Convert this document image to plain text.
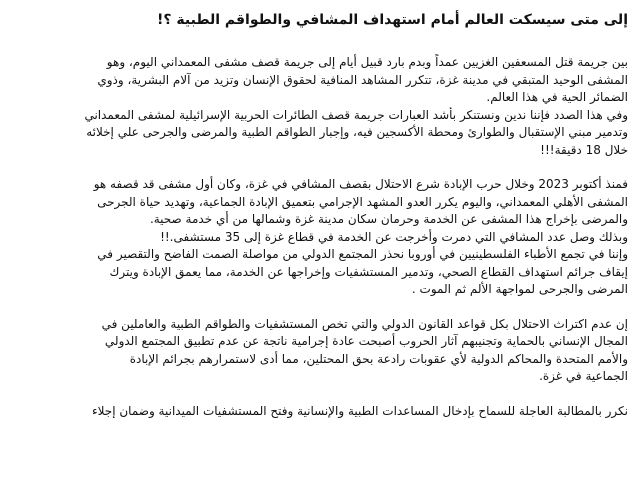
إلى متى سيسكت العالم أمام استهداف المشافي والطواقم الطبية ؟!
بين جريمة قتل المسعفين الغزيين عمداً وبدم بارد قبيل أيام إلى جريمة قصف مشفى المعمداني اليوم، وهو
المشفى الوحيد المتبقي في مدينة غزة، تتكرر المشاهد المنافية لحقوق الإنسان وتزيد من آلام البشرية، وذوي
الضمائر الحية في هذا العالم.
وفي هذا الصدد فإننا ندين ونستنكر بأشد العبارات جريمة قصف الطائرات الحربية الإسرائيلية لمشفى المعمداني
وتدمير مبني الإستقبال والطوارئ ومحطة الأكسجين فيه، وإجبار الطواقم الطبية والمرضى والجرحى علي إخلائه
خلال 18 دقيقة!!!
فمنذ أكتوبر 2023 وخلال حرب الإبادة شرع الاحتلال بقصف المشافي في غزة، وكان أول مشفى قد قصفه هو
المشفى الأهلي المعمداني، واليوم يكرر العدو المشهد الإجرامي بتعميق الإبادة الجماعية، وتهديد حياة الجرحى
والمرضى بإخراج هذا المشفى عن الخدمة وحرمان سكان مدينة غزة وشمالها من أي خدمة صحية.
وبذلك وصل عدد المشافي التي دمرت وأخرجت عن الخدمة في قطاع غزة إلى 35 مستشفى.!!
وإننا في تجمع الأطباء الفلسطينيين في أوروبا نحذر المجتمع الدولي من مواصلة الصمت الفاضح والتقصير في
إيقاف جرائم استهداف القطاع الصحي، وتدمير المستشفيات وإخراجها عن الخدمة، مما يعمق الإبادة ويترك
المرضى والجرحى لمواجهة الألم ثم الموت .
إن عدم اكتراث الاحتلال بكل قواعد القانون الدولي والتي تخص المستشفيات والطواقم الطبية والعاملين في
المجال الإنساني بالحماية وتجنيبهم آثار الحروب أصبحت عادة إجرامية ناتجة عن عدم تطبيق المجتمع الدولي
والأمم المتحدة والمحاكم الدولية لأي عقوبات رادعة بحق المحتلين، مما أدى لاستمرارهم بجرائم الإبادة
الجماعية في غزة.
نكرر بالمطالبة العاجلة للسماح بإدخال المساعدات الطبية والإنسانية وفتح المستشفيات الميدانية وضمان إجلاء
